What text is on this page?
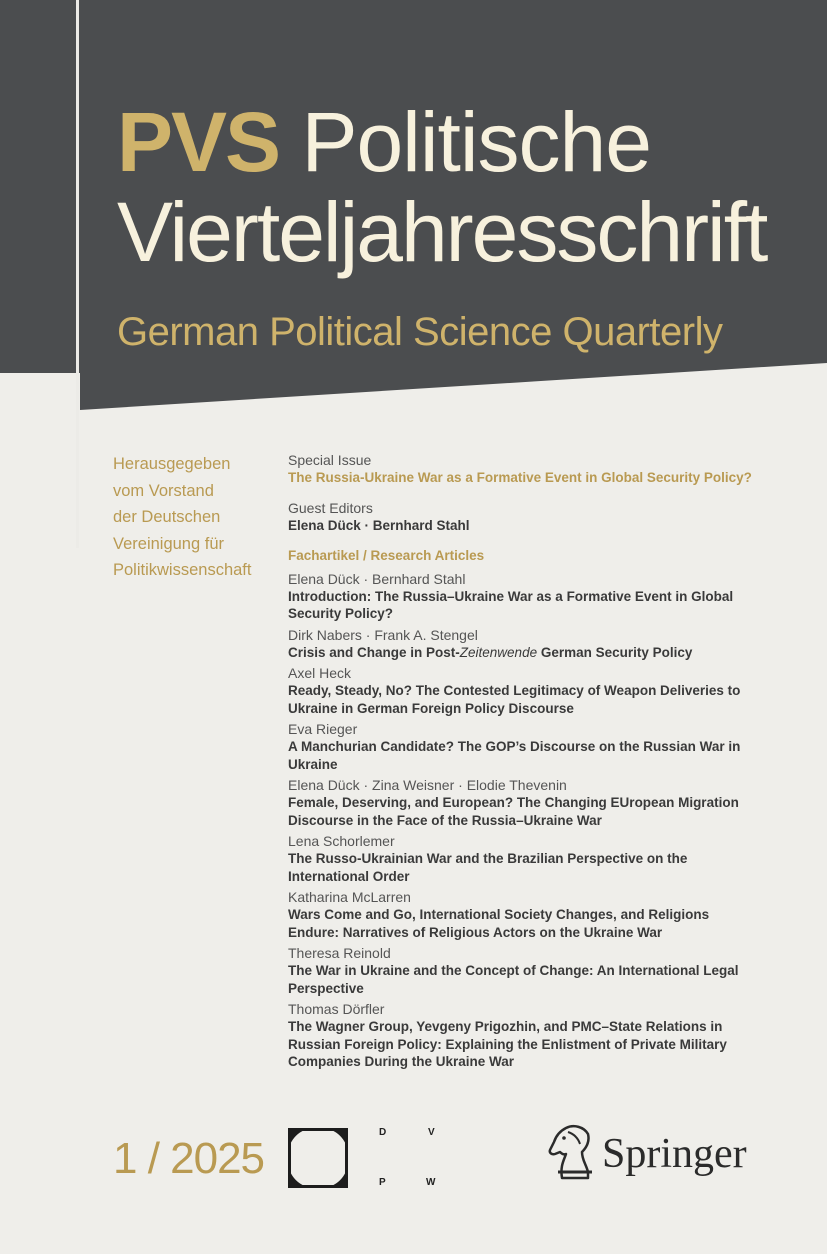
PVS Politische
Vierteljahresschrift
German Political Science Quarterly
Herausgegeben
vom Vorstand
der Deutschen
Vereinigung für
Politikwissenschaft
Special Issue
The Russia-Ukraine War as a Formative Event in Global Security Policy?
Guest Editors
Elena Dück · Bernhard Stahl
Fachartikel / Research Articles
Elena Dück · Bernhard Stahl
Introduction: The Russia–Ukraine War as a Formative Event in Global Security Policy?
Dirk Nabers · Frank A. Stengel
Crisis and Change in Post-Zeitenwende German Security Policy
Axel Heck
Ready, Steady, No? The Contested Legitimacy of Weapon Deliveries to Ukraine in German Foreign Policy Discourse
Eva Rieger
A Manchurian Candidate? The GOP’s Discourse on the Russian War in Ukraine
Elena Dück · Zina Weisner · Elodie Thevenin
Female, Deserving, and European? The Changing EUropean Migration Discourse in the Face of the Russia–Ukraine War
Lena Schorlemer
The Russo-Ukrainian War and the Brazilian Perspective on the International Order
Katharina McLarren
Wars Come and Go, International Society Changes, and Religions Endure: Narratives of Religious Actors on the Ukraine War
Theresa Reinold
The War in Ukraine and the Concept of Change: An International Legal Perspective
Thomas Dörfler
The Wagner Group, Yevgeny Prigozhin, and PMC–State Relations in Russian Foreign Policy: Explaining the Enlistment of Private Military Companies During the Ukraine War
1 / 2025
D	V
P	W
Springer
